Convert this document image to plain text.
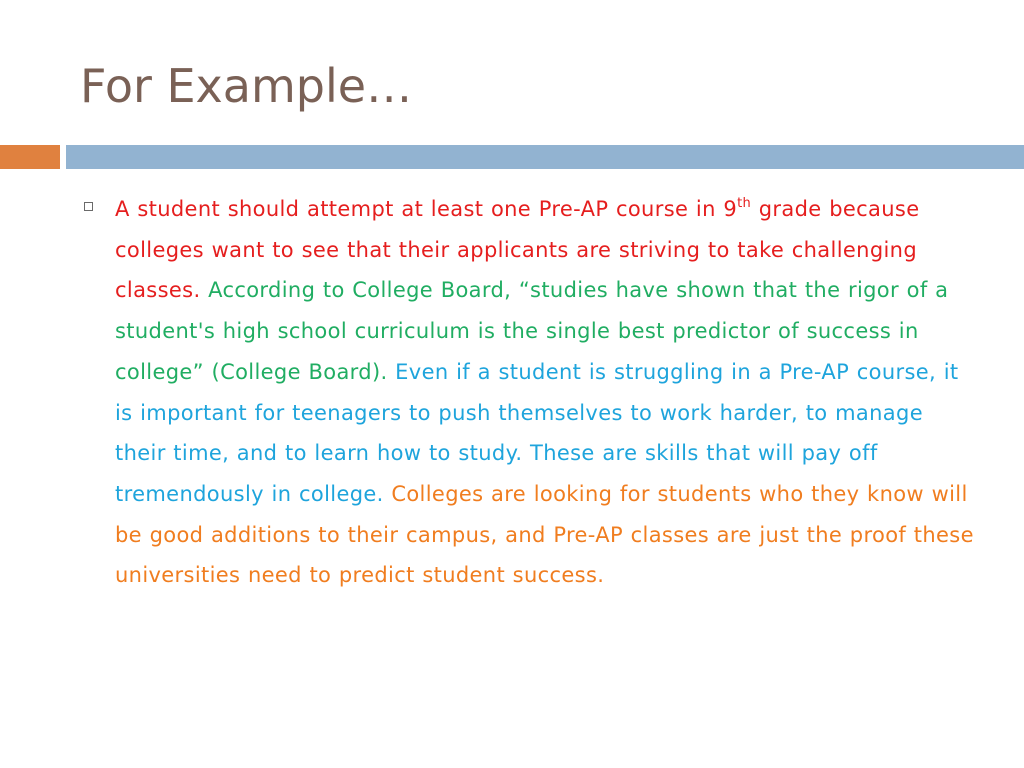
For Example…

A student should attempt at least one Pre-AP course in 9th grade because colleges want to see that their applicants are striving to take challenging classes. According to College Board, “studies have shown that the rigor of a student's high school curriculum is the single best predictor of success in college” (College Board). Even if a student is struggling in a Pre-AP course, it is important for teenagers to push themselves to work harder, to manage their time, and to learn how to study. These are skills that will pay off tremendously in college. Colleges are looking for students who they know will be good additions to their campus, and Pre-AP classes are just the proof these universities need to predict student success.
